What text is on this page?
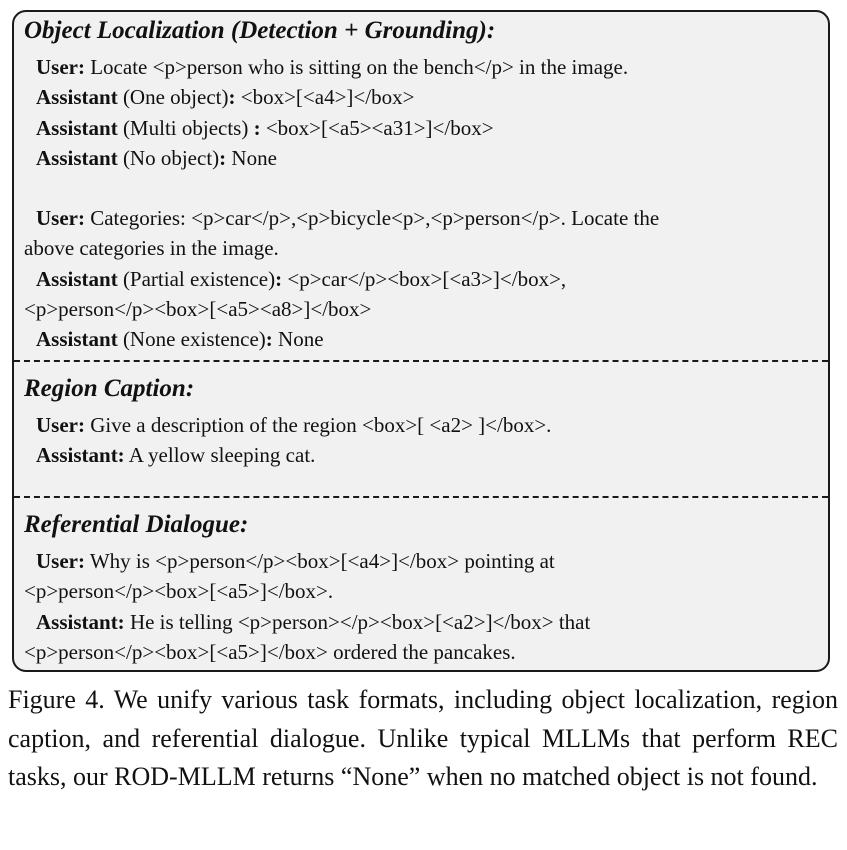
Object Localization (Detection + Grounding):
User: Locate <p>person who is sitting on the bench</p> in the image.
Assistant (One object): <box>[<a4>]</box>
Assistant (Multi objects) : <box>[<a5><a31>]</box>
Assistant (No object): None
User: Categories: <p>car</p>,<p>bicycle<p>,<p>person</p>. Locate the
above categories in the image.
Assistant (Partial existence): <p>car</p><box>[<a3>]</box>,
<p>person</p><box>[<a5><a8>]</box>
Assistant (None existence): None
Region Caption:
User: Give a description of the region <box>[ <a2> ]</box>.
Assistant: A yellow sleeping cat.
Referential Dialogue:
User: Why is <p>person</p><box>[<a4>]</box> pointing at
<p>person</p><box>[<a5>]</box>.
Assistant: He is telling <p>person></p><box>[<a2>]</box> that
<p>person</p><box>[<a5>]</box> ordered the pancakes.
Figure 4. We unify various task formats, including object localization, region caption, and referential dialogue. Unlike typical MLLMs that perform REC tasks, our ROD-MLLM returns “None” when no matched object is not found.
